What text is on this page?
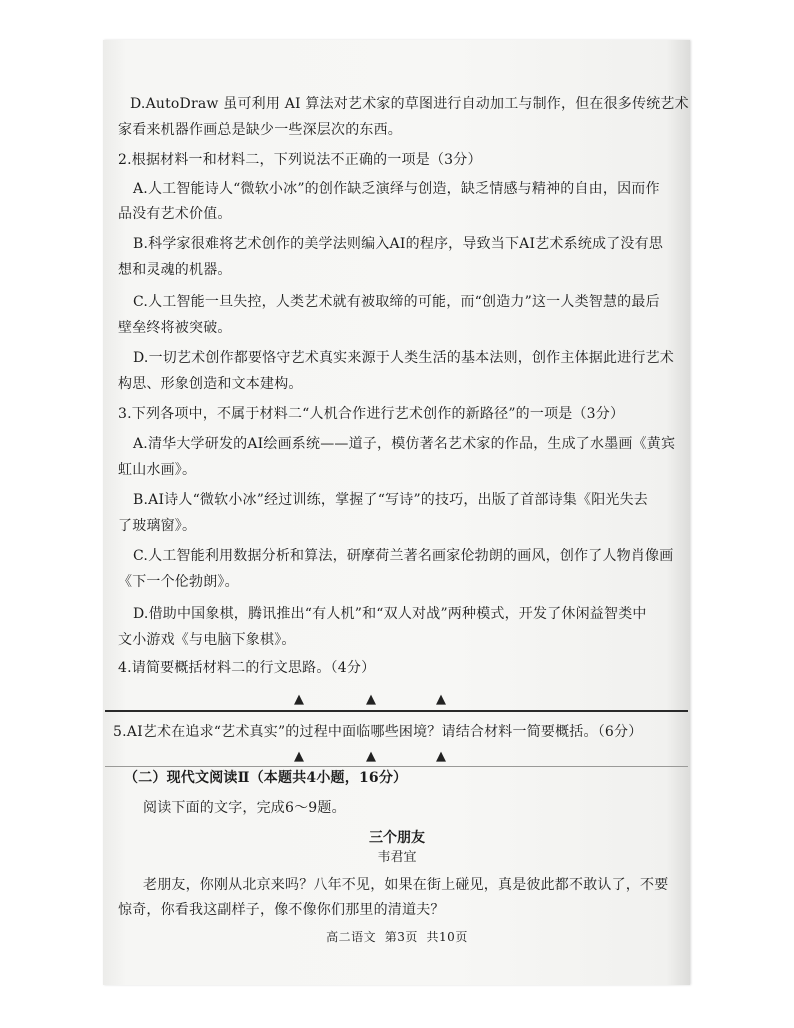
D.AutoDraw 虽可利用 AI 算法对艺术家的草图进行自动加工与制作，但在很多传统艺术
家看来机器作画总是缺少一些深层次的东西。
2.根据材料一和材料二，下列说法不正确的一项是（3分）
A.人工智能诗人“微软小冰”的创作缺乏演绎与创造，缺乏情感与精神的自由，因而作
品没有艺术价值。
B.科学家很难将艺术创作的美学法则编入AI的程序，导致当下AI艺术系统成了没有思
想和灵魂的机器。
C.人工智能一旦失控，人类艺术就有被取缔的可能，而“创造力”这一人类智慧的最后
壁垒终将被突破。
D.一切艺术创作都要恪守艺术真实来源于人类生活的基本法则，创作主体据此进行艺术
构思、形象创造和文本建构。
3.下列各项中，不属于材料二“人机合作进行艺术创作的新路径”的一项是（3分）
A.清华大学研发的AI绘画系统——道子，模仿著名艺术家的作品，生成了水墨画《黄宾
虹山水画》。
B.AI诗人“微软小冰”经过训练，掌握了“写诗”的技巧，出版了首部诗集《阳光失去
了玻璃窗》。
C.人工智能利用数据分析和算法，研摩荷兰著名画家伦勃朗的画风，创作了人物肖像画
《下一个伦勃朗》。
D.借助中国象棋，腾讯推出“有人机”和“双人对战”两种模式，开发了休闲益智类中
文小游戏《与电脑下象棋》。
4.请简要概括材料二的行文思路。（4分）
▲	▲	▲
5.AI艺术在追求“艺术真实”的过程中面临哪些困境？请结合材料一简要概括。（6分）
▲	▲	▲
（二）现代文阅读Ⅱ（本题共4小题，16分）
阅读下面的文字，完成6～9题。
三个朋友
韦君宜
老朋友，你刚从北京来吗？八年不见，如果在街上碰见，真是彼此都不敢认了，不要
惊奇，你看我这副样子，像不像你们那里的清道夫？
高二语文  第3页  共10页
